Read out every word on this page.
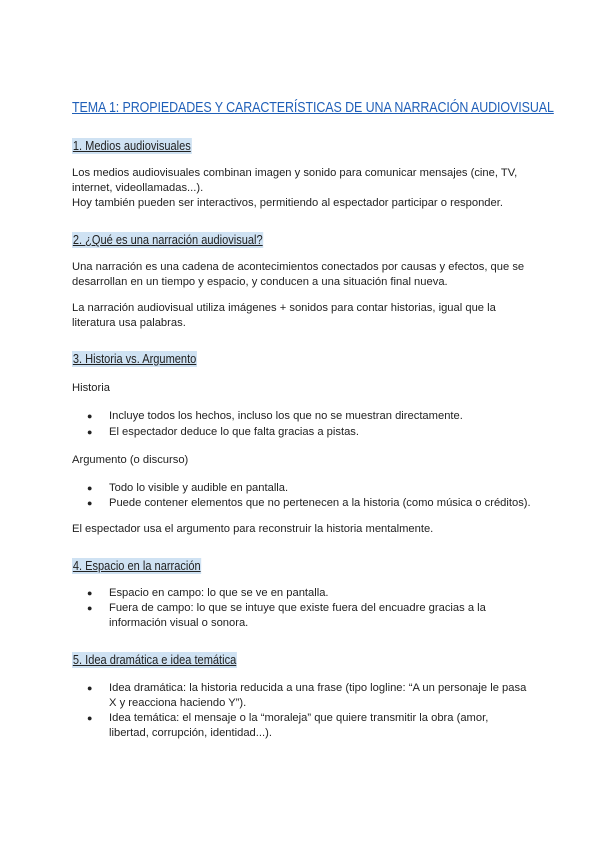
TEMA 1: PROPIEDADES Y CARACTERÍSTICAS DE UNA NARRACIÓN AUDIOVISUAL
1. Medios audiovisuales
Los medios audiovisuales combinan imagen y sonido para comunicar mensajes (cine, TV,
internet, videollamadas...).
Hoy también pueden ser interactivos, permitiendo al espectador participar o responder.
2. ¿Qué es una narración audiovisual?
Una narración es una cadena de acontecimientos conectados por causas y efectos, que se
desarrollan en un tiempo y espacio, y conducen a una situación final nueva.
La narración audiovisual utiliza imágenes + sonidos para contar historias, igual que la
literatura usa palabras.
3. Historia vs. Argumento
Historia
● Incluye todos los hechos, incluso los que no se muestran directamente.
● El espectador deduce lo que falta gracias a pistas.
Argumento (o discurso)
● Todo lo visible y audible en pantalla.
● Puede contener elementos que no pertenecen a la historia (como música o créditos).
El espectador usa el argumento para reconstruir la historia mentalmente.
4. Espacio en la narración
● Espacio en campo: lo que se ve en pantalla.
● Fuera de campo: lo que se intuye que existe fuera del encuadre gracias a la
información visual o sonora.
5. Idea dramática e idea temática
● Idea dramática: la historia reducida a una frase (tipo logline: “A un personaje le pasa
X y reacciona haciendo Y”).
● Idea temática: el mensaje o la “moraleja” que quiere transmitir la obra (amor,
libertad, corrupción, identidad...).
